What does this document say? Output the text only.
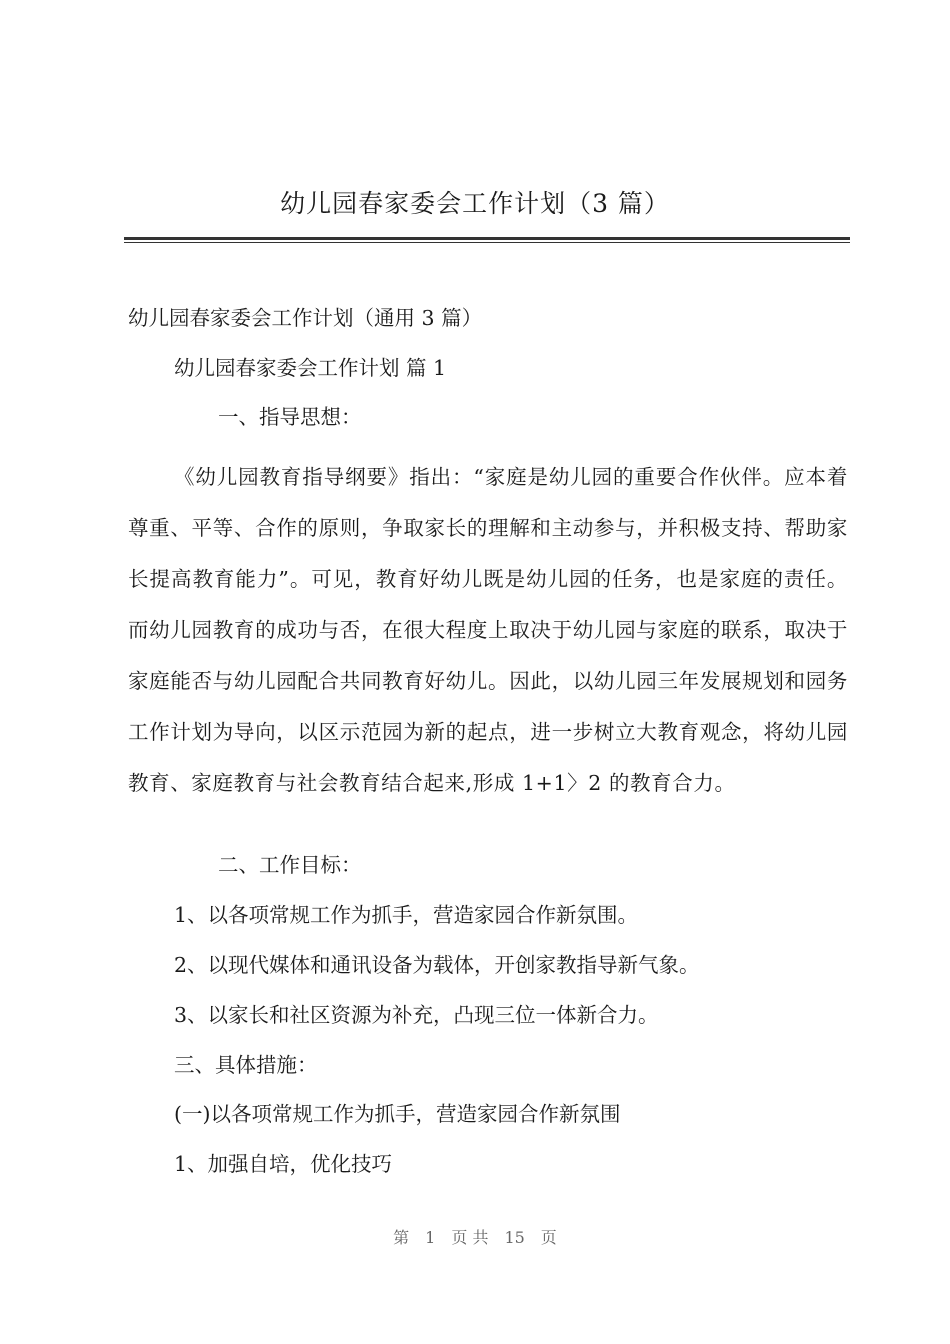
幼儿园春家委会工作计划（3 篇）
幼儿园春家委会工作计划（通用 3 篇）
幼儿园春家委会工作计划 篇 1
一、指导思想：
《幼儿园教育指导纲要》指出：“家庭是幼儿园的重要合作伙伴。应本着尊重、平等、合作的原则，争取家长的理解和主动参与，并积极支持、帮助家长提高教育能力”。可见，教育好幼儿既是幼儿园的任务，也是家庭的责任。而幼儿园教育的成功与否，在很大程度上取决于幼儿园与家庭的联系，取决于家庭能否与幼儿园配合共同教育好幼儿。因此，以幼儿园三年发展规划和园务工作计划为导向，以区示范园为新的起点，进一步树立大教育观念，将幼儿园教育、家庭教育与社会教育结合起来,形成 1+1〉2 的教育合力。
二、工作目标：
1、以各项常规工作为抓手，营造家园合作新氛围。
2、以现代媒体和通讯设备为载体，开创家教指导新气象。
3、以家长和社区资源为补充，凸现三位一体新合力。
三、具体措施：
(一)以各项常规工作为抓手，营造家园合作新氛围
1、加强自培，优化技巧
第　1　页 共　15　页
